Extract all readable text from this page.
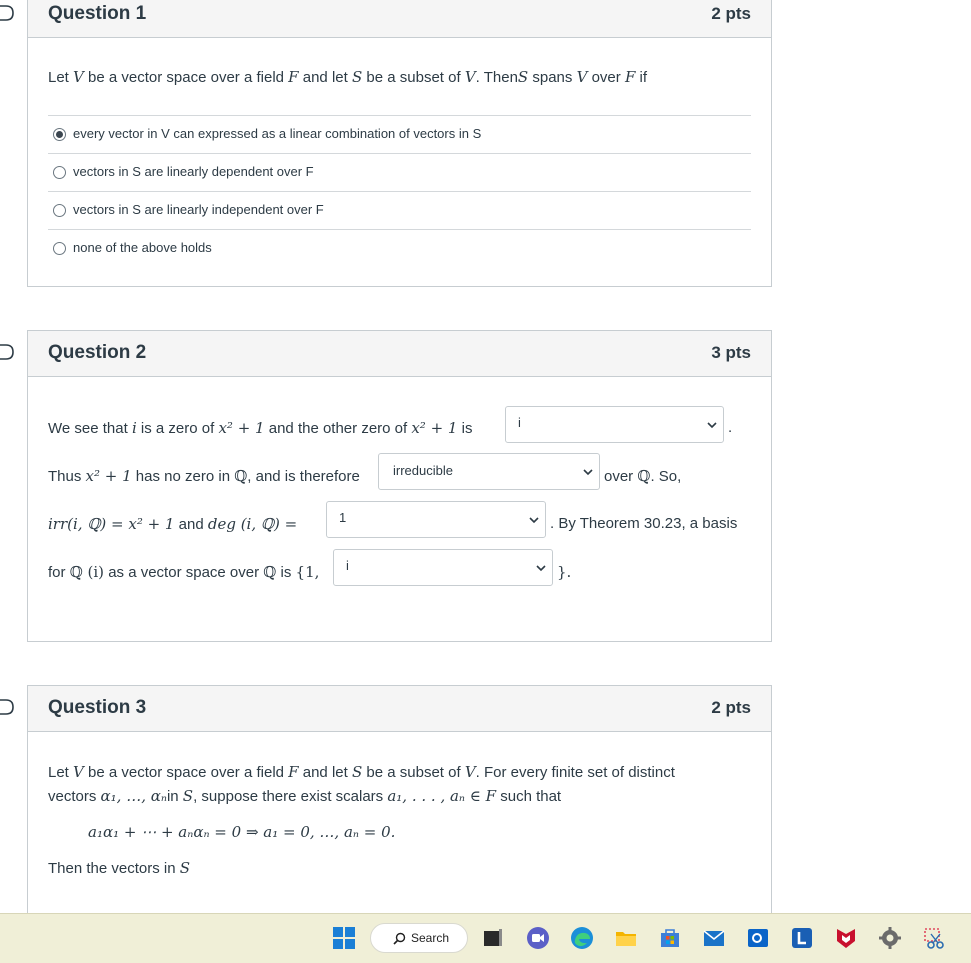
Question 1	2 pts
Let V be a vector space over a field F and let S be a subset of V. ThenS spans V over F if
every vector in V can expressed as a linear combination of vectors in S
vectors in S are linearly dependent over F
vectors in S are linearly independent over F
none of the above holds
Question 2	3 pts
We see that i is a zero of x² + 1 and the other zero of x² + 1 is	i	.
Thus x² + 1 has no zero in ℚ, and is therefore	irreducible	over ℚ. So,
irr(i, ℚ) = x² + 1 and deg (i, ℚ) =	1	. By Theorem 30.23, a basis
for ℚ (i) as a vector space over ℚ is {1, i	}.
Question 3	2 pts
Let V be a vector space over a field F and let S be a subset of V. For every finite set of distinct
vectors α₁, …, αₙin S, suppose there exist scalars a₁, . . . , aₙ ∈ F such that
a₁α₁ + ⋯ + aₙαₙ = 0 ⇒ a₁ = 0, …, aₙ = 0.
Then the vectors in S
Search
